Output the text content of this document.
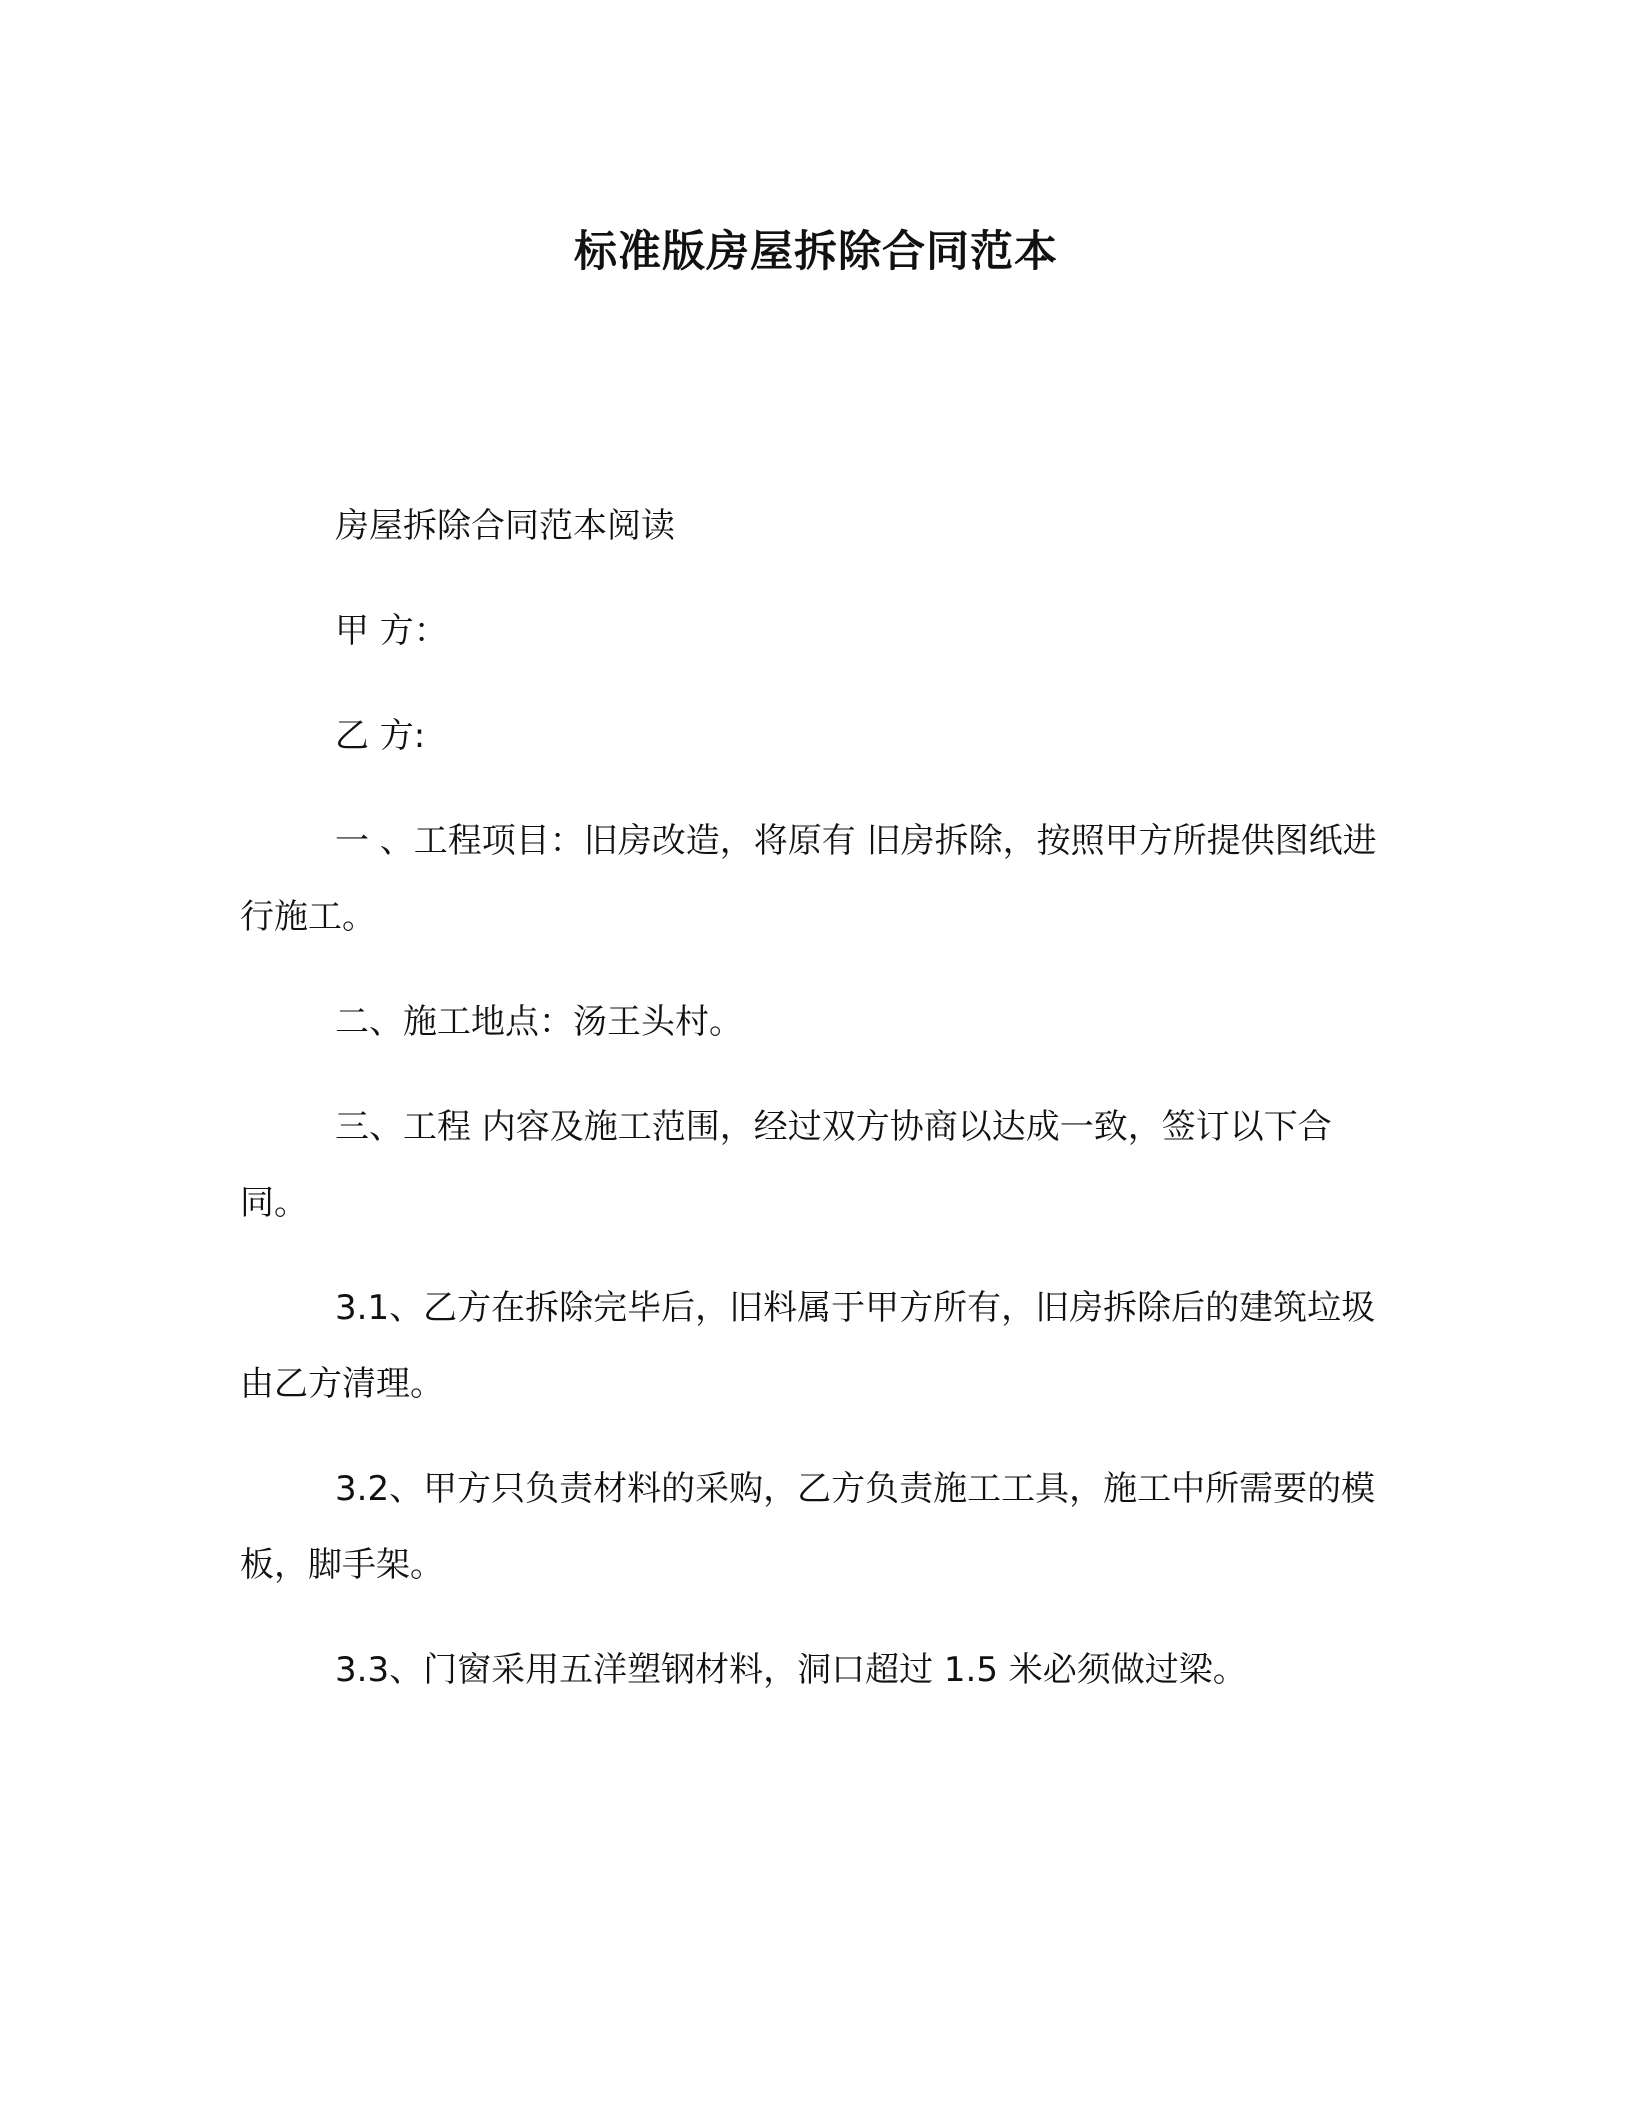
标准版房屋拆除合同范本

房屋拆除合同范本阅读

甲 方：

乙 方:

一 、工程项目：旧房改造，将原有 旧房拆除，按照甲方所提供图纸进行施工。

二、施工地点：汤王头村。

三、工程 内容及施工范围，经过双方协商以达成一致，签订以下合同。

3.1、乙方在拆除完毕后，旧料属于甲方所有，旧房拆除后的建筑垃圾由乙方清理。

3.2、甲方只负责材料的采购，乙方负责施工工具，施工中所需要的模板，脚手架。

3.3、门窗采用五洋塑钢材料，洞口超过 1.5 米必须做过梁。
